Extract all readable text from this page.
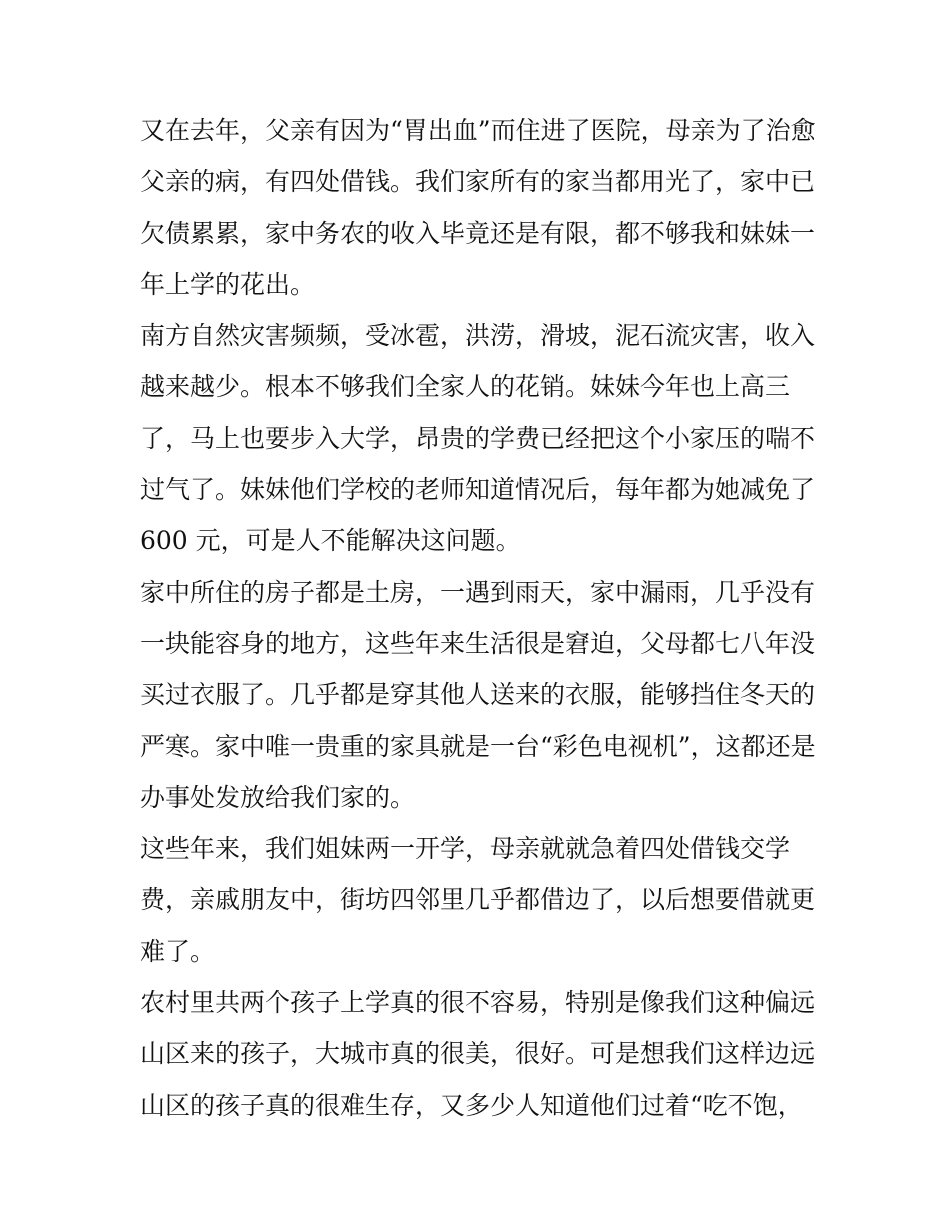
又在去年，父亲有因为“胃出血”而住进了医院，母亲为了治愈
父亲的病，有四处借钱。我们家所有的家当都用光了，家中已
欠债累累，家中务农的收入毕竟还是有限，都不够我和妹妹一
年上学的花出。
南方自然灾害频频，受冰雹，洪涝，滑坡，泥石流灾害，收入
越来越少。根本不够我们全家人的花销。妹妹今年也上高三
了，马上也要步入大学，昂贵的学费已经把这个小家压的喘不
过气了。妹妹他们学校的老师知道情况后，每年都为她减免了
600 元，可是人不能解决这问题。
家中所住的房子都是土房，一遇到雨天，家中漏雨，几乎没有
一块能容身的地方，这些年来生活很是窘迫，父母都七八年没
买过衣服了。几乎都是穿其他人送来的衣服，能够挡住冬天的
严寒。家中唯一贵重的家具就是一台“彩色电视机”，这都还是
办事处发放给我们家的。
这些年来，我们姐妹两一开学，母亲就就急着四处借钱交学
费，亲戚朋友中，街坊四邻里几乎都借边了，以后想要借就更
难了。
农村里共两个孩子上学真的很不容易，特别是像我们这种偏远
山区来的孩子，大城市真的很美，很好。可是想我们这样边远
山区的孩子真的很难生存，又多少人知道他们过着“吃不饱，
